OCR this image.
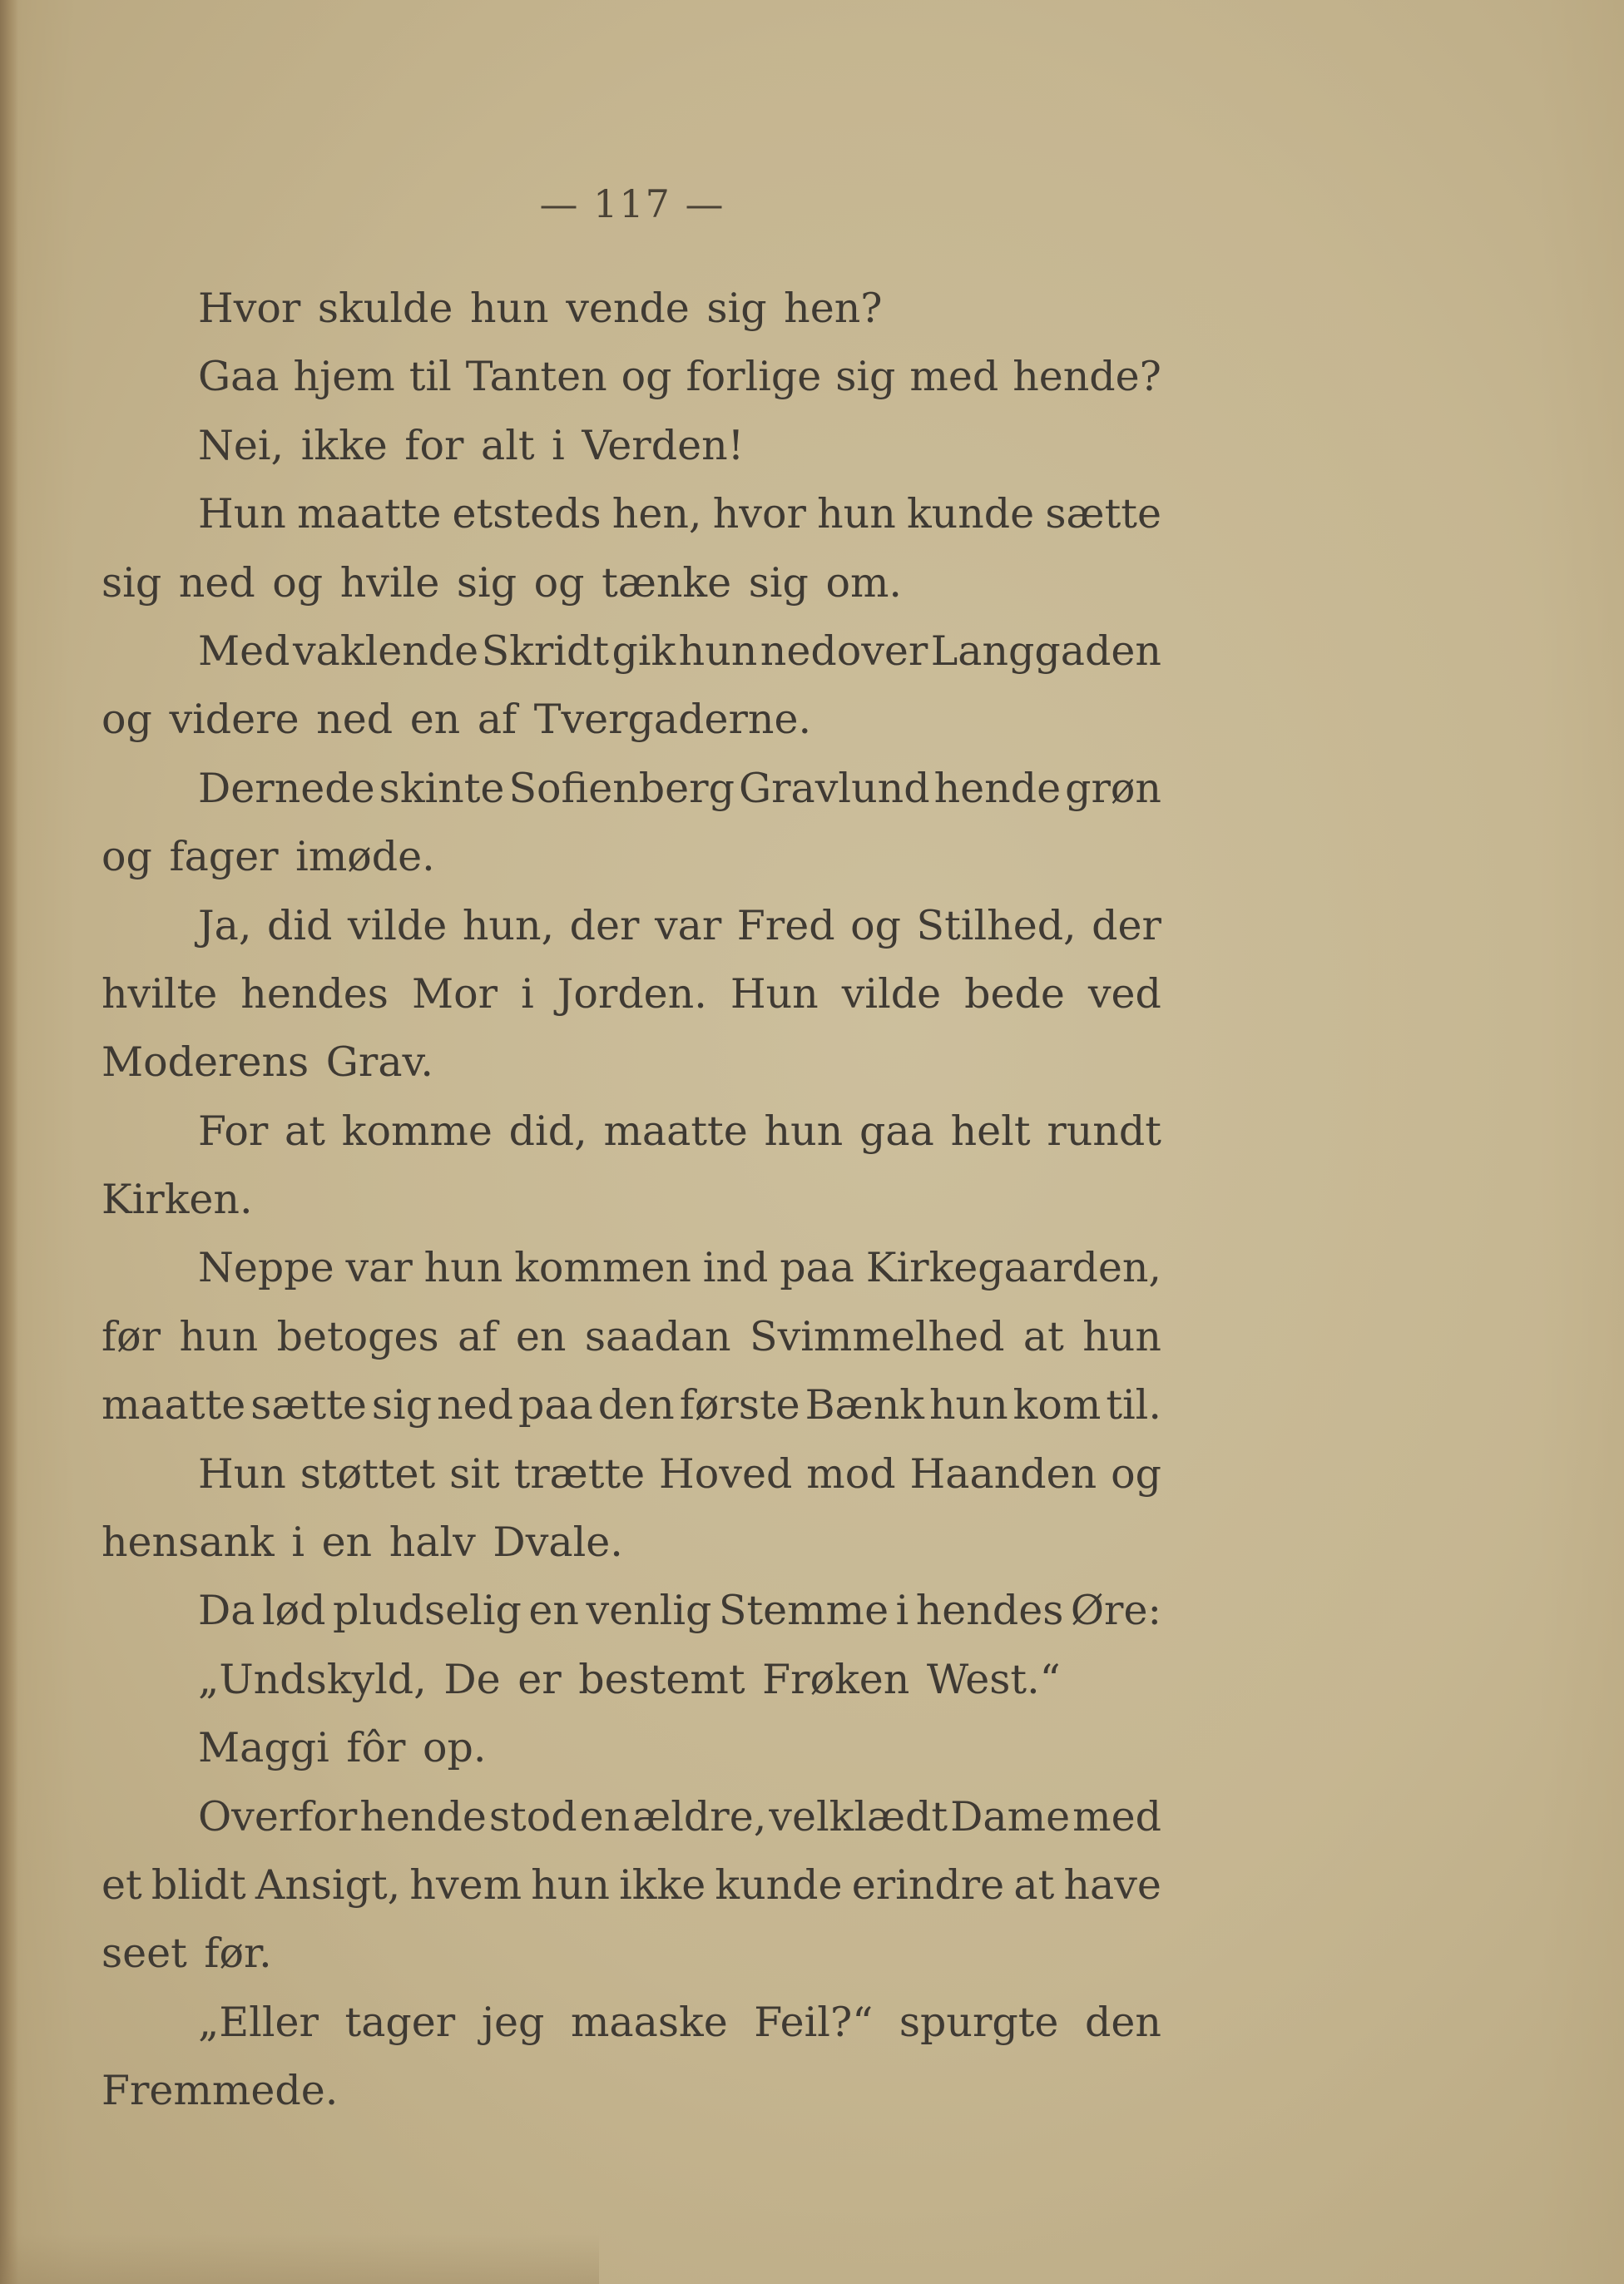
— 117 —
Hvor skulde hun vende sig hen?
Gaa hjem til Tanten og forlige sig med hende?
Nei, ikke for alt i Verden!
Hun maatte etsteds hen, hvor hun kunde sætte
sig ned og hvile sig og tænke sig om.
Med vaklende Skridt gik hun nedover Langgaden
og videre ned en af Tvergaderne.
Dernede skinte Sofienberg Gravlund hende grøn
og fager imøde.
Ja, did vilde hun, der var Fred og Stilhed, der
hvilte hendes Mor i Jorden. Hun vilde bede ved
Moderens Grav.
For at komme did, maatte hun gaa helt rundt
Kirken.
Neppe var hun kommen ind paa Kirkegaarden,
før hun betoges af en saadan Svimmelhed at hun
maatte sætte sig ned paa den første Bænk hun kom til.
Hun støttet sit trætte Hoved mod Haanden og
hensank i en halv Dvale.
Da lød pludselig en venlig Stemme i hendes Øre:
„Undskyld, De er bestemt Frøken West.“
Maggi fôr op.
Overfor hende stod en ældre, velklædt Dame med
et blidt Ansigt, hvem hun ikke kunde erindre at have
seet før.
„Eller tager jeg maaske Feil?“ spurgte den
Fremmede.
